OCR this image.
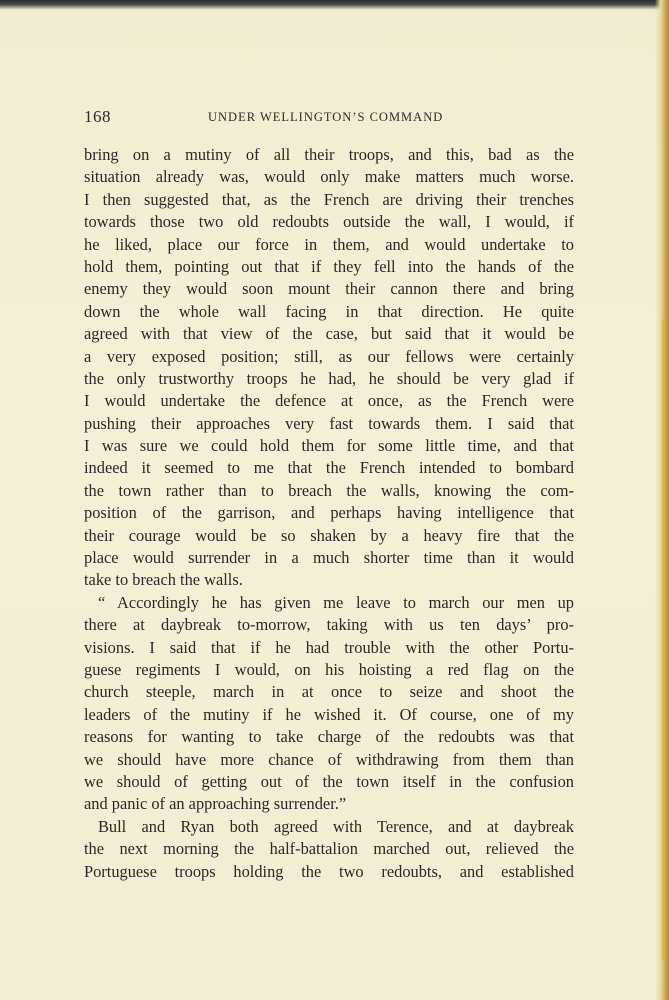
168	UNDER WELLINGTON’S COMMAND
bring on a mutiny of all their troops, and this, bad as the
situation already was, would only make matters much worse.
I then suggested that, as the French are driving their trenches
towards those two old redoubts outside the wall, I would, if
he liked, place our force in them, and would undertake to
hold them, pointing out that if they fell into the hands of the
enemy they would soon mount their cannon there and bring
down the whole wall facing in that direction. He quite
agreed with that view of the case, but said that it would be
a very exposed position; still, as our fellows were certainly
the only trustworthy troops he had, he should be very glad if
I would undertake the defence at once, as the French were
pushing their approaches very fast towards them. I said that
I was sure we could hold them for some little time, and that
indeed it seemed to me that the French intended to bombard
the town rather than to breach the walls, knowing the com-
position of the garrison, and perhaps having intelligence that
their courage would be so shaken by a heavy fire that the
place would surrender in a much shorter time than it would
take to breach the walls.
“ Accordingly he has given me leave to march our men up
there at daybreak to-morrow, taking with us ten days’ pro-
visions. I said that if he had trouble with the other Portu-
guese regiments I would, on his hoisting a red flag on the
church steeple, march in at once to seize and shoot the
leaders of the mutiny if he wished it. Of course, one of my
reasons for wanting to take charge of the redoubts was that
we should have more chance of withdrawing from them than
we should of getting out of the town itself in the confusion
and panic of an approaching surrender.”
Bull and Ryan both agreed with Terence, and at daybreak
the next morning the half-battalion marched out, relieved the
Portuguese troops holding the two redoubts, and established
